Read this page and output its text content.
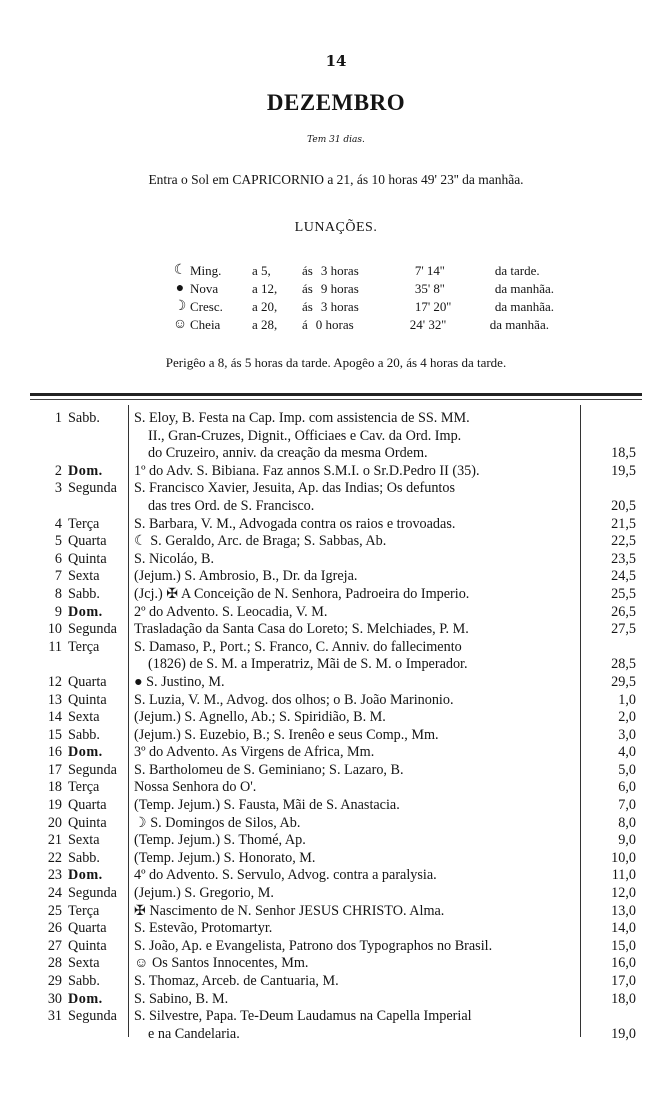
14
DEZEMBRO
Tem 31 dias.
Entra o Sol em CAPRICORNIO a 21, ás 10 horas 49' 23'' da manhãa.
LUNAÇÕES.
☾ Ming.	a 5,	ás 3 horas	7' 14''	da tarde.
● Nova	a 12,	ás 9 horas	35' 8''	da manhãa.
☽ Cresc.	a 20,	ás 3 horas	17' 20''	da manhãa.
☺ Cheia	a 28,	á 0 horas	24' 32''	da manhãa.
Perigêo a 8, ás 5 horas da tarde. Apogêo a 20, ás 4 horas da tarde.
1 Sabb.	S. Eloy, B. Festa na Cap. Imp. com assistencia de SS. MM.
II., Gran-Cruzes, Dignit., Officiaes e Cav. da Ord. Imp.
do Cruzeiro, anniv. da creação da mesma Ordem.	18,5
2 Dom.	1º do Adv. S. Bibiana. Faz annos S.M.I. o Sr.D.Pedro II (35).	19,5
3 Segunda	S. Francisco Xavier, Jesuita, Ap. das Indias; Os defuntos
das tres Ord. de S. Francisco.	20,5
4 Terça	S. Barbara, V. M., Advogada contra os raios e trovoadas.	21,5
5 Quarta	☾ S. Geraldo, Arc. de Braga; S. Sabbas, Ab.	22,5
6 Quinta	S. Nicoláo, B.	23,5
7 Sexta	(Jejum.) S. Ambrosio, B., Dr. da Igreja.	24,5
8 Sabb.	(Jcj.) ✠ A Conceição de N. Senhora, Padroeira do Imperio.	25,5
9 Dom.	2º do Advento. S. Leocadia, V. M.	26,5
10 Segunda	Trasladação da Santa Casa do Loreto; S. Melchiades, P. M.	27,5
11 Terça	S. Damaso, P., Port.; S. Franco, C. Anniv. do fallecimento
(1826) de S. M. a Imperatriz, Mãi de S. M. o Imperador.	28,5
12 Quarta	● S. Justino, M.	29,5
13 Quinta	S. Luzia, V. M., Advog. dos olhos; o B. João Marinonio.	1,0
14 Sexta	(Jejum.) S. Agnello, Ab.; S. Spiridião, B. M.	2,0
15 Sabb.	(Jejum.) S. Euzebio, B.; S. Irenêo e seus Comp., Mm.	3,0
16 Dom.	3º do Advento. As Virgens de Africa, Mm.	4,0
17 Segunda	S. Bartholomeu de S. Geminiano; S. Lazaro, B.	5,0
18 Terça	Nossa Senhora do O'.	6,0
19 Quarta	(Temp. Jejum.) S. Fausta, Mãi de S. Anastacia.	7,0
20 Quinta	☽ S. Domingos de Silos, Ab.	8,0
21 Sexta	(Temp. Jejum.) S. Thomé, Ap.	9,0
22 Sabb.	(Temp. Jejum.) S. Honorato, M.	10,0
23 Dom.	4º do Advento. S. Servulo, Advog. contra a paralysia.	11,0
24 Segunda	(Jejum.) S. Gregorio, M.	12,0
25 Terça	✠ Nascimento de N. Senhor JESUS CHRISTO. Alma.	13,0
26 Quarta	S. Estevão, Protomartyr.	14,0
27 Quinta	S. João, Ap. e Evangelista, Patrono dos Typographos no Brasil.	15,0
28 Sexta	☺ Os Santos Innocentes, Mm.	16,0
29 Sabb.	S. Thomaz, Arceb. de Cantuaria, M.	17,0
30 Dom.	S. Sabino, B. M.	18,0
31 Segunda	S. Silvestre, Papa. Te-Deum Laudamus na Capella Imperial
e na Candelaria.	19,0
